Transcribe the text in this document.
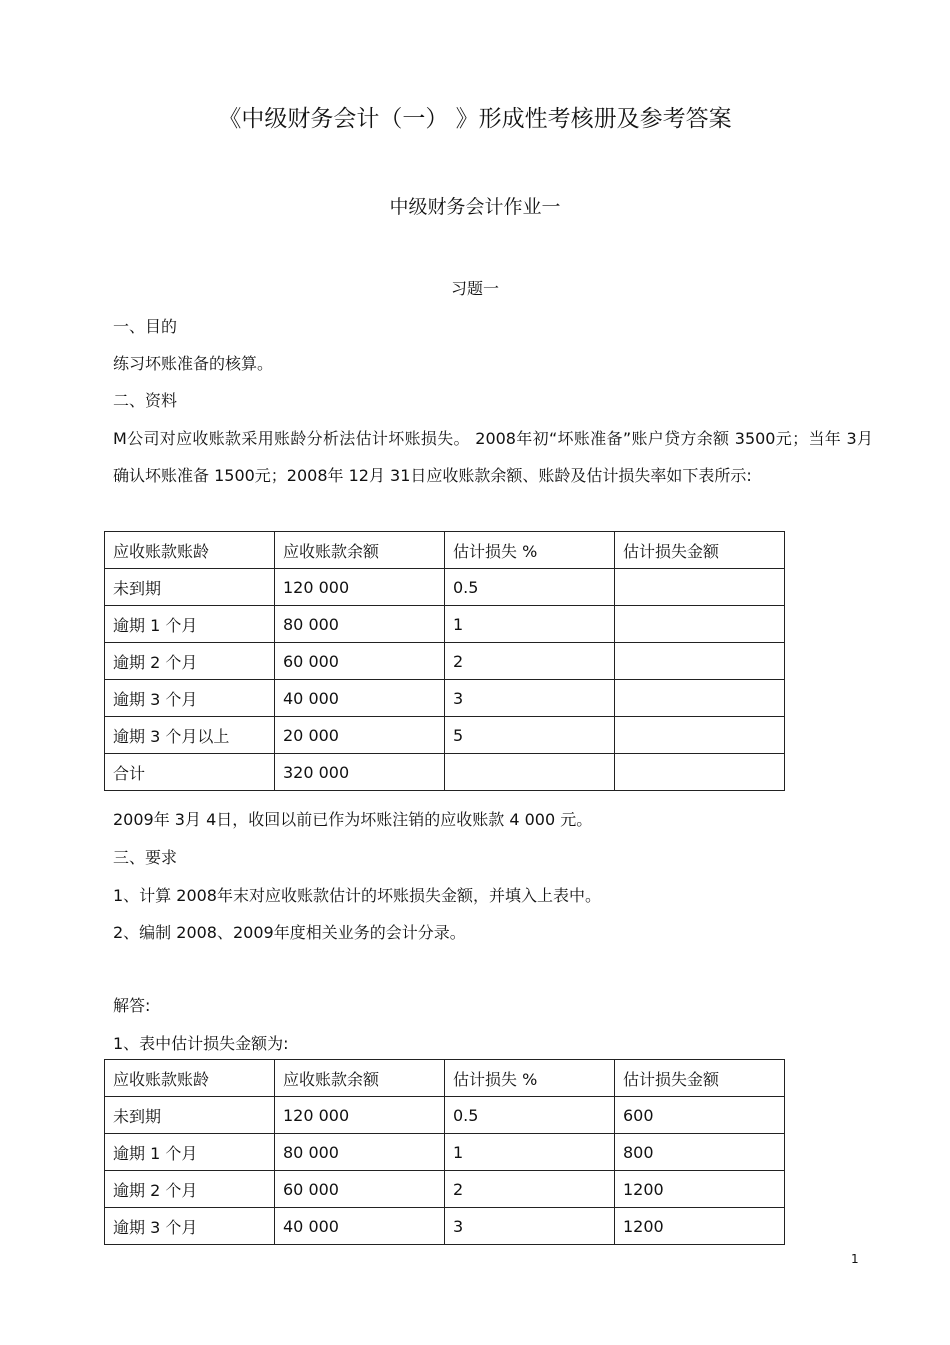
《中级财务会计（一） 》形成性考核册及参考答案
中级财务会计作业一
习题一
一、目的
练习坏账准备的核算。
二、资料
M公司对应收账款采用账龄分析法估计坏账损失。 2008年初“坏账准备”账户贷方余额 3500元；当年 3月确认坏账准备 1500元；2008年 12月 31日应收账款余额、账龄及估计损失率如下表所示:
应收账款账龄	应收账款余额	估计损失 %	估计损失金额
未到期	120 000	0.5	
逾期 1 个月	80 000	1	
逾期 2 个月	60 000	2	
逾期 3 个月	40 000	3	
逾期 3 个月以上	20 000	5	
合计	320 000		
2009年 3月 4日，收回以前已作为坏账注销的应收账款 4 000 元。
三、要求
1、计算 2008年末对应收账款估计的坏账损失金额，并填入上表中。
2、编制 2008、2009年度相关业务的会计分录。
解答:
1、表中估计损失金额为:
应收账款账龄	应收账款余额	估计损失 %	估计损失金额
未到期	120 000	0.5	600
逾期 1 个月	80 000	1	800
逾期 2 个月	60 000	2	1200
逾期 3 个月	40 000	3	1200
1
